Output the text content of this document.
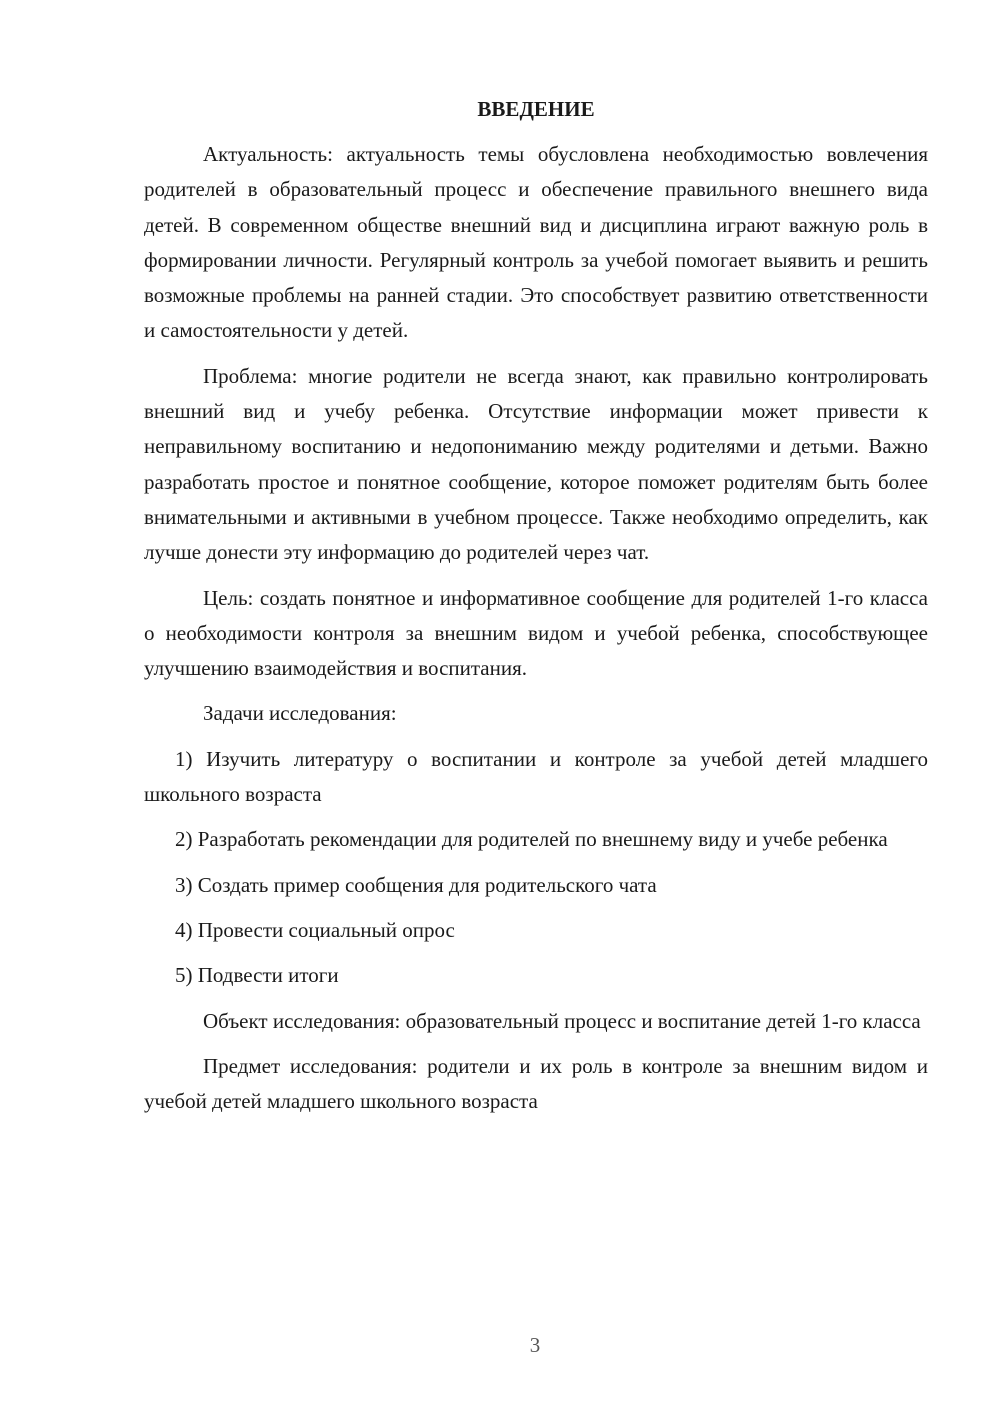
ВВЕДЕНИЕ

Актуальность: актуальность темы обусловлена необходимостью вовлечения родителей в образовательный процесс и обеспечение правильного внешнего вида детей. В современном обществе внешний вид и дисциплина играют важную роль в формировании личности. Регулярный контроль за учебой помогает выявить и решить возможные проблемы на ранней стадии. Это способствует развитию ответственности и самостоятельности у детей.

Проблема: многие родители не всегда знают, как правильно контролировать внешний вид и учебу ребенка. Отсутствие информации может привести к неправильному воспитанию и недопониманию между родителями и детьми. Важно разработать простое и понятное сообщение, которое поможет родителям быть более внимательными и активными в учебном процессе. Также необходимо определить, как лучше донести эту информацию до родителей через чат.

Цель: создать понятное и информативное сообщение для родителей 1-го класса о необходимости контроля за внешним видом и учебой ребенка, способствующее улучшению взаимодействия и воспитания.

Задачи исследования:

1) Изучить литературу о воспитании и контроле за учебой детей младшего школьного возраста

2) Разработать рекомендации для родителей по внешнему виду и учебе ребенка

3) Создать пример сообщения для родительского чата

4) Провести социальный опрос

5) Подвести итоги

Объект исследования: образовательный процесс и воспитание детей 1-го класса

Предмет исследования: родители и их роль в контроле за внешним видом и учебой детей младшего школьного возраста

3
